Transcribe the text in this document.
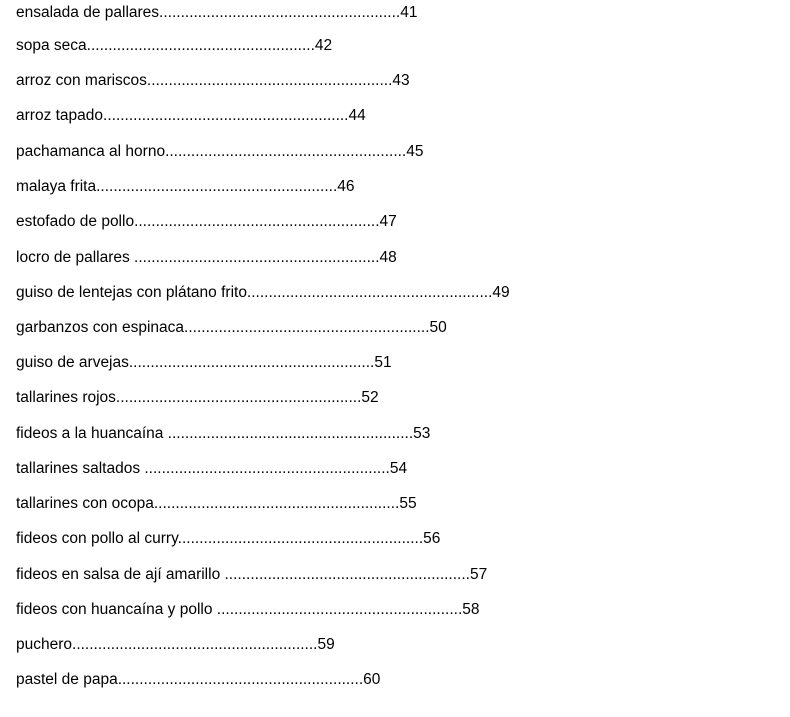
ensalada de pallares........................................................41

sopa seca.....................................................42

arroz con mariscos.........................................................43

arroz tapado.........................................................44

pachamanca al horno........................................................45

malaya frita........................................................46

estofado de pollo.........................................................47

locro de pallares .........................................................48

guiso de lentejas con plátano frito.........................................................49

garbanzos con espinaca.........................................................50

guiso de arvejas.........................................................51

tallarines rojos.........................................................52

fideos a la huancaína .........................................................53

tallarines saltados .........................................................54

tallarines con ocopa.........................................................55

fideos con pollo al curry.........................................................56

fideos en salsa de ají amarillo .........................................................57

fideos con huancaína y pollo .........................................................58

puchero.........................................................59

pastel de papa.........................................................60
